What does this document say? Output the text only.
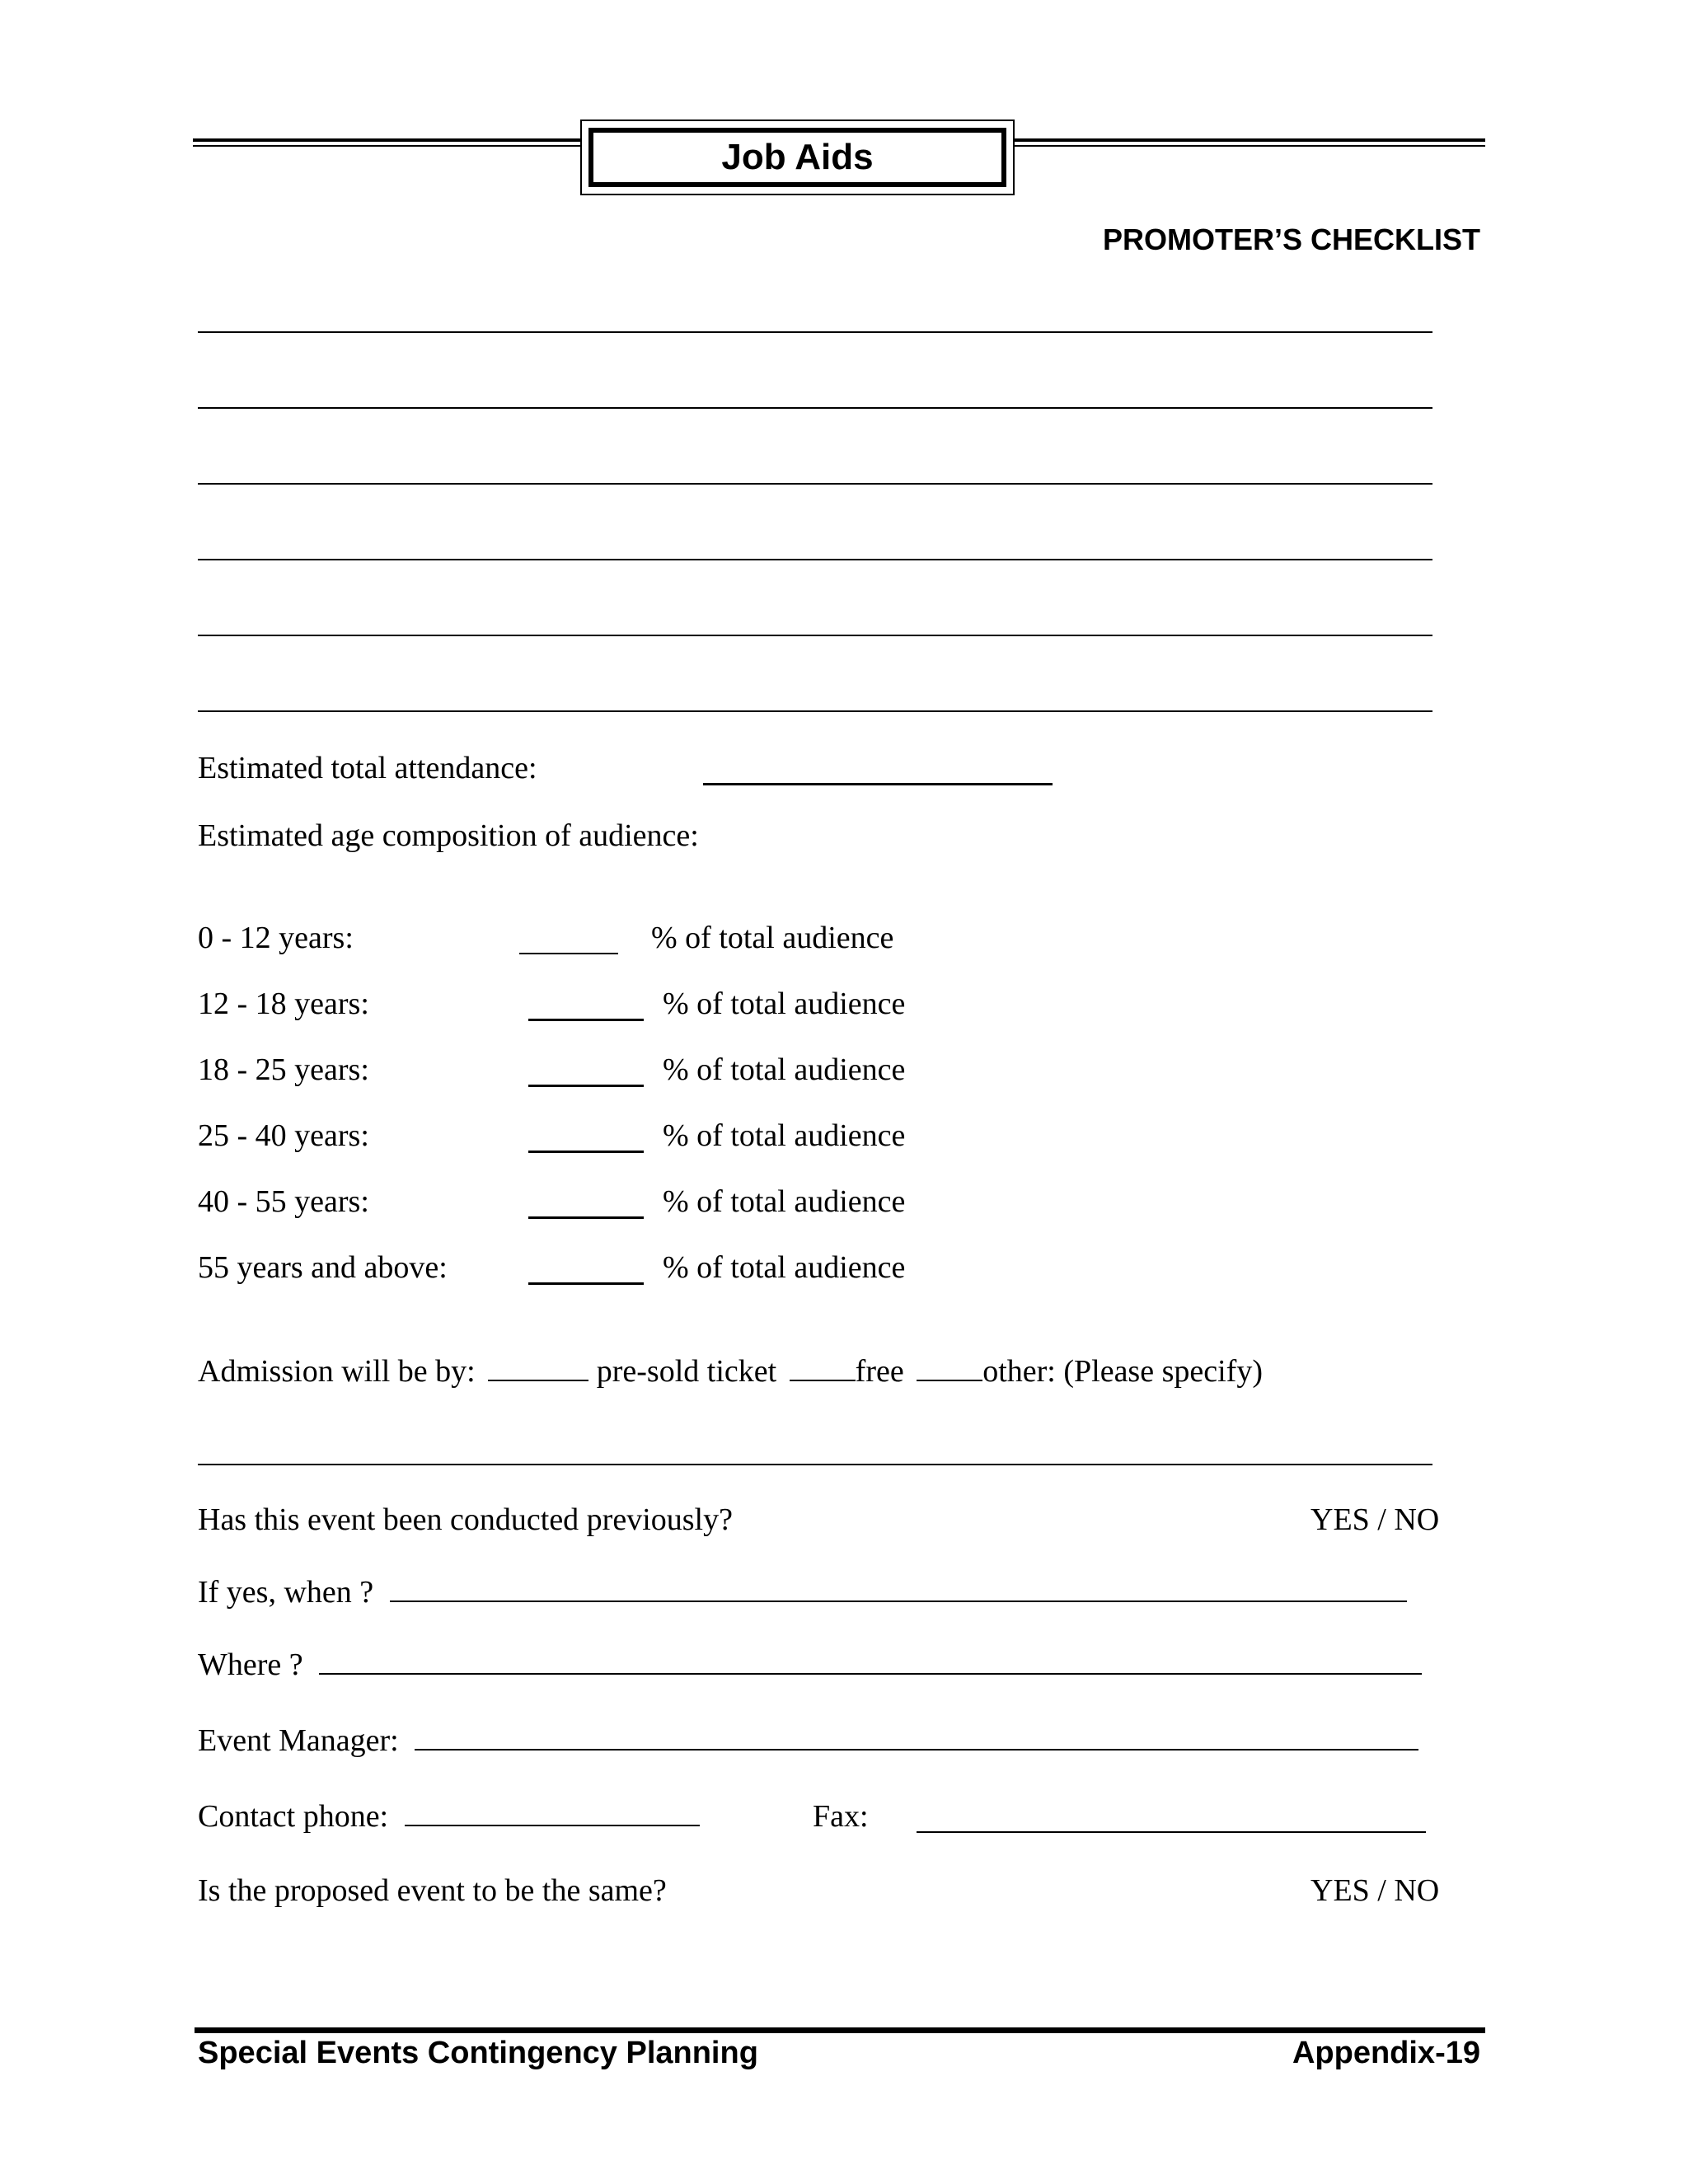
Job Aids
PROMOTER’S CHECKLIST
Estimated total attendance:
Estimated age composition of audience:
0 - 12 years:	% of total audience
12 - 18 years:	% of total audience
18 - 25 years:	% of total audience
25 - 40 years:	% of total audience
40 - 55 years:	% of total audience
55 years and above:	% of total audience
Admission will be by:	pre-sold ticket	free	other: (Please specify)
Has this event been conducted previously?	YES / NO
If yes, when ?
Where ?
Event Manager:
Contact phone:	Fax:
Is the proposed event to be the same?	YES / NO
Special Events Contingency Planning	Appendix-19
